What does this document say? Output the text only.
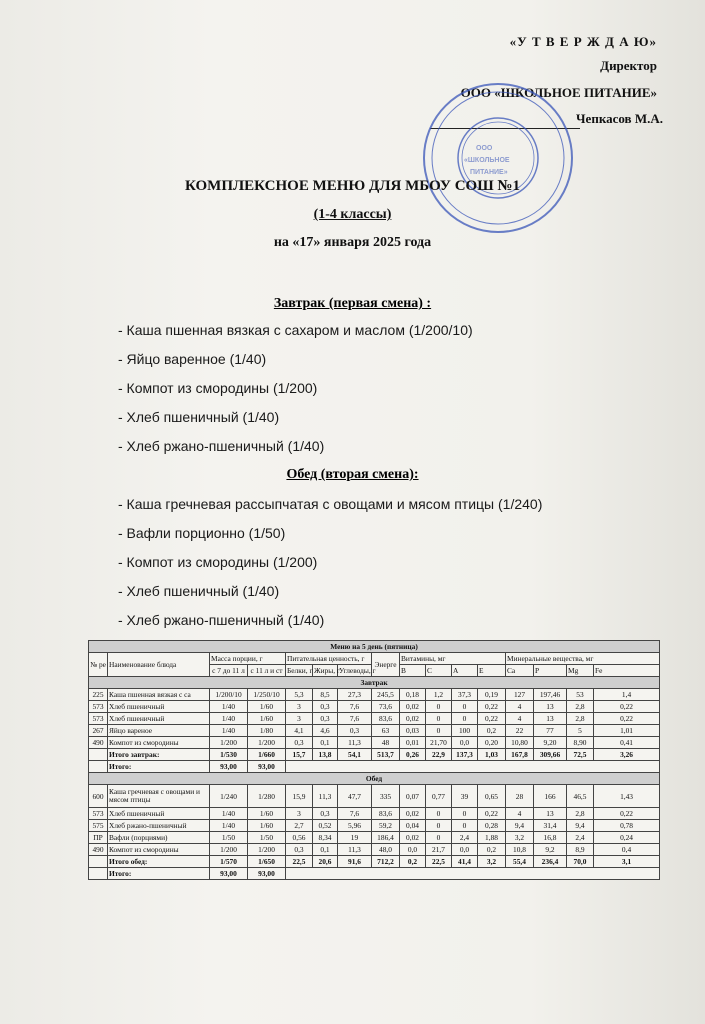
«У Т В Е Р Ж Д А Ю»
Директор
ООО «ШКОЛЬНОЕ ПИТАНИЕ»
Чепкасов М.А.
ООО
«ШКОЛЬНОЕ
ПИТАНИЕ»
КОМПЛЕКСНОЕ МЕНЮ ДЛЯ МБОУ СОШ №1
(1-4 классы)
на «17» января 2025 года
Завтрак (первая смена) :
- Каша пшенная вязкая с сахаром и маслом (1/200/10)
- Яйцо варенное (1/40)
- Компот из смородины (1/200)
- Хлеб пшеничный (1/40)
- Хлеб ржано-пшеничный (1/40)
Обед (вторая смена):
- Каша гречневая рассыпчатая с овощами и мясом птицы (1/240)
- Вафли порционно (1/50)
- Компот из смородины (1/200)
- Хлеб пшеничный (1/40)
- Хлеб ржано-пшеничный (1/40)
Меню на 5 день (пятница)															
№ ре	Наименование блюда	Масса порции, г		Питательная ценность, г			Энерге	Витамины, мг				Минеральные вещества, мг			
		с 7 до 11 л	с 11 л и ст	Белки, г	Жиры, г	Углеводы, г		B	C	A	E	Ca	P	Mg	Fe
Завтрак															
225	Каша пшенная вязкая с са	1/200/10	1/250/10	5,3	8,5	27,3	245,5	0,18	1,2	37,3	0,19	127	197,46	53	1,4
573	Хлеб пшеничный	1/40	1/60	3	0,3	7,6	73,6	0,02	0	0	0,22	4	13	2,8	0,22
573	Хлеб пшеничный	1/40	1/60	3	0,3	7,6	83,6	0,02	0	0	0,22	4	13	2,8	0,22
267	Яйцо вареное	1/40	1/80	4,1	4,6	0,3	63	0,03	0	100	0,2	22	77	5	1,01
490	Компот из смородины	1/200	1/200	0,3	0,1	11,3	48	0,01	21,70	0,0	0,20	10,80	9,20	8,90	0,41
	Итого завтрак:	1/530	1/660	15,7	13,8	54,1	513,7	0,26	22,9	137,3	1,03	167,8	309,66	72,5	3,26
	Итого:	93,00	93,00												
Обед															
600	Каша гречневая с овощами и мясом птицы	1/240	1/280	15,9	11,3	47,7	335	0,07	0,77	39	0,65	28	166	46,5	1,43
573	Хлеб пшеничный	1/40	1/60	3	0,3	7,6	83,6	0,02	0	0	0,22	4	13	2,8	0,22
575	Хлеб ржано-пшеничный	1/40	1/60	2,7	0,52	5,96	59,2	0,04	0	0	0,28	9,4	31,4	9,4	0,78
ПР	Вафли (порциями)	1/50	1/50	0,56	8,34	19	186,4	0,02	0	2,4	1,88	3,2	16,8	2,4	0,24
490	Компот из смородины	1/200	1/200	0,3	0,1	11,3	48,0	0,0	21,7	0,0	0,2	10,8	9,2	8,9	0,4
	Итого обед:	1/570	1/650	22,5	20,6	91,6	712,2	0,2	22,5	41,4	3,2	55,4	236,4	70,0	3,1
	Итого:	93,00	93,00												
